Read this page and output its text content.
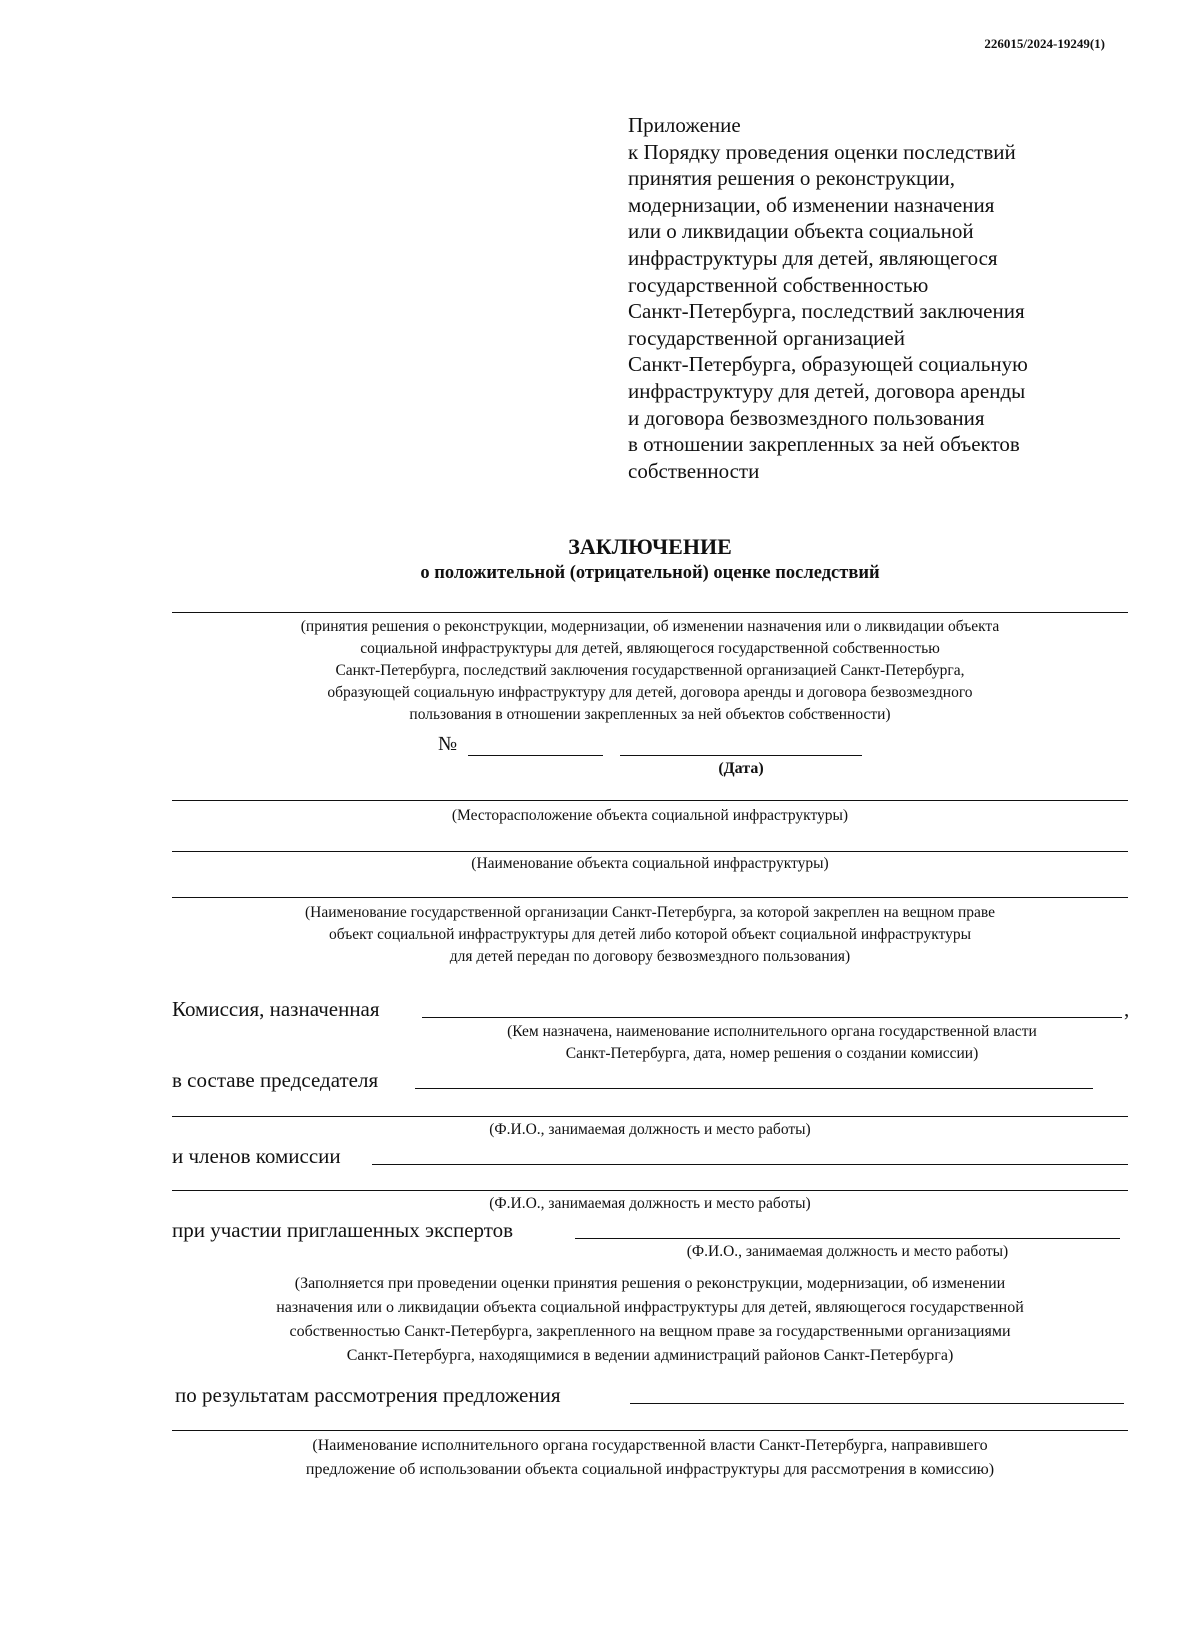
226015/2024-19249(1)
Приложение
к Порядку проведения оценки последствий
принятия решения о реконструкции,
модернизации, об изменении назначения
или о ликвидации объекта социальной
инфраструктуры для детей, являющегося
государственной собственностью
Санкт-Петербурга, последствий заключения
государственной организацией
Санкт-Петербурга, образующей социальную
инфраструктуру для детей, договора аренды
и договора безвозмездного пользования
в отношении закрепленных за ней объектов
собственности
ЗАКЛЮЧЕНИЕ
о положительной (отрицательной) оценке последствий
(принятия решения о реконструкции, модернизации, об изменении назначения или о ликвидации объекта
социальной инфраструктуры для детей, являющегося государственной собственностью
Санкт-Петербурга, последствий заключения государственной организацией Санкт-Петербурга,
образующей социальную инфраструктуру для детей, договора аренды и договора безвозмездного
пользования в отношении закрепленных за ней объектов собственности)
№
(Дата)
(Месторасположение объекта социальной инфраструктуры)
(Наименование объекта социальной инфраструктуры)
(Наименование государственной организации Санкт-Петербурга, за которой закреплен на вещном праве
объект социальной инфраструктуры для детей либо которой объект социальной инфраструктуры
для детей передан по договору безвозмездного пользования)
Комиссия, назначенная	,
(Кем назначена, наименование исполнительного органа государственной власти
Санкт-Петербурга, дата, номер решения о создании комиссии)
в составе председателя
(Ф.И.О., занимаемая должность и место работы)
и членов комиссии
(Ф.И.О., занимаемая должность и место работы)
при участии приглашенных экспертов
(Ф.И.О., занимаемая должность и место работы)
(Заполняется при проведении оценки принятия решения о реконструкции, модернизации, об изменении
назначения или о ликвидации объекта социальной инфраструктуры для детей, являющегося государственной
собственностью Санкт-Петербурга, закрепленного на вещном праве за государственными организациями
Санкт-Петербурга, находящимися в ведении администраций районов Санкт-Петербурга)
по результатам рассмотрения предложения
(Наименование исполнительного органа государственной власти Санкт-Петербурга, направившего
предложение об использовании объекта социальной инфраструктуры для рассмотрения в комиссию)
